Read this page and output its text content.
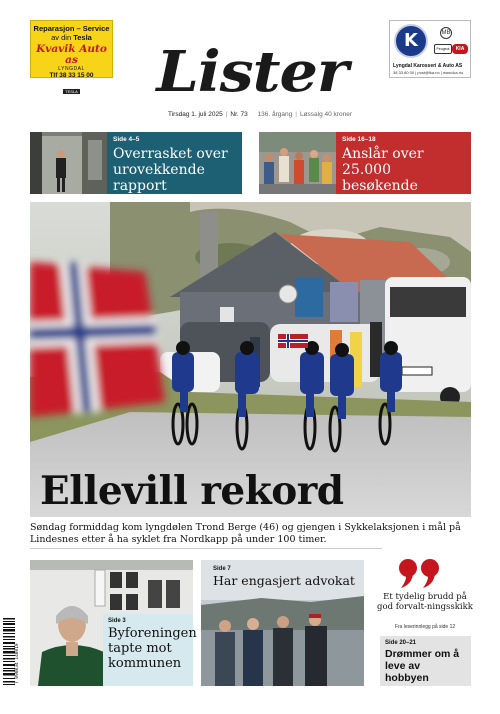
Reparasjon – Service
av din Tesla
Kvavik Auto as
LYNGDAL
Tlf 38 33 15 00
TESLA	Lister
Tirsdag 1. juli 2025 | Nr. 73 136. årgang | Løssalg 40 kroner
K	MB
Peugeot	KIA
Lyngdal Karosseri & Auto AS
38 33 80 00 | post@lka.no | www.lka.no
Side 4–5
Overrasket over urovekkende rapport
Side 16–18
Anslår over 25.000 besøkende
Ellevill rekord
Søndag formiddag kom lyngdølen Trond Berge (46) og gjengen i Sykkelaksjonen i mål på Lindesnes etter å ha syklet fra Nordkapp på under 100 timer.
7 090034 140019
Side 3
Byforeningen tapte mot kommunen
Side 7
Har engasjert advokat
Et tydelig brudd på god forvalt-ningsskikk
Fra leserinnlegg på side 12
Side 20–21
Drømmer om å leve av hobbyen
